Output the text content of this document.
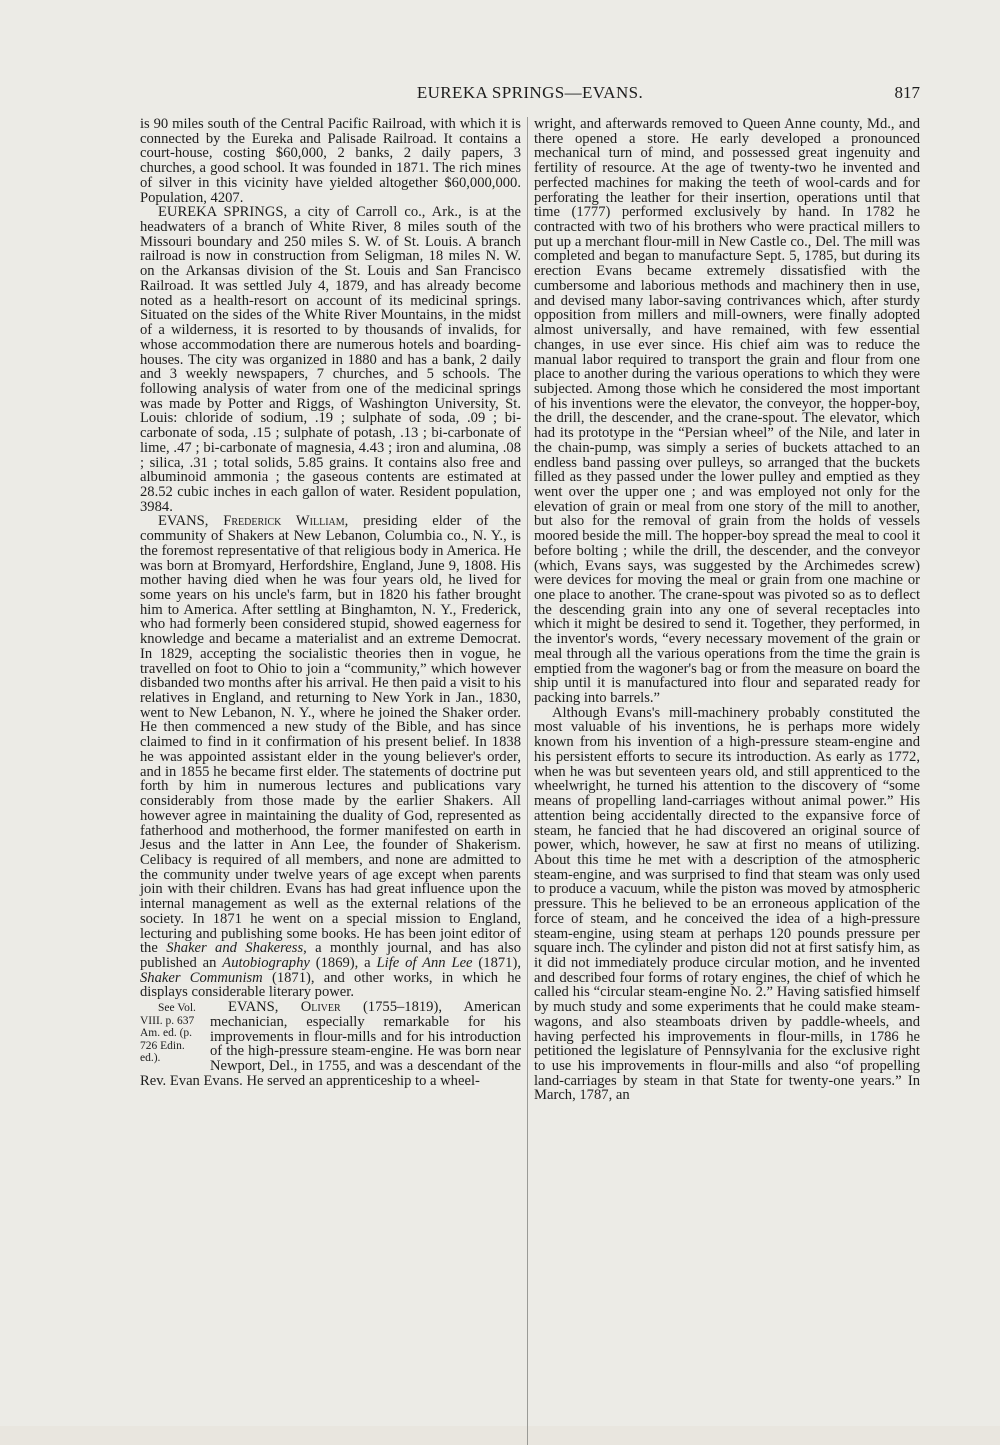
EUREKA SPRINGS—EVANS.	817

is 90 miles south of the Central Pacific Railroad, with which it is connected by the Eureka and Palisade Railroad. It contains a court-house, costing $60,000, 2 banks, 2 daily papers, 3 churches, a good school. It was founded in 1871. The rich mines of silver in this vicinity have yielded altogether $60,000,000. Population, 4207.

EUREKA SPRINGS, a city of Carroll co., Ark., is at the headwaters of a branch of White River, 8 miles south of the Missouri boundary and 250 miles S. W. of St. Louis. A branch railroad is now in construction from Seligman, 18 miles N. W. on the Arkansas division of the St. Louis and San Francisco Railroad. It was settled July 4, 1879, and has already become noted as a health-resort on account of its medicinal springs. Situated on the sides of the White River Mountains, in the midst of a wilderness, it is resorted to by thousands of invalids, for whose accommodation there are numerous hotels and boarding-houses. The city was organized in 1880 and has a bank, 2 daily and 3 weekly newspapers, 7 churches, and 5 schools. The following analysis of water from one of the medicinal springs was made by Potter and Riggs, of Washington University, St. Louis: chloride of sodium, .19 ; sulphate of soda, .09 ; bi-carbonate of soda, .15 ; sulphate of potash, .13 ; bi-carbonate of lime, .47 ; bi-carbonate of magnesia, 4.43 ; iron and alumina, .08 ; silica, .31 ; total solids, 5.85 grains. It contains also free and albuminoid ammonia ; the gaseous contents are estimated at 28.52 cubic inches in each gallon of water. Resident population, 3984.

EVANS, Frederick William, presiding elder of the community of Shakers at New Lebanon, Columbia co., N. Y., is the foremost representative of that religious body in America. He was born at Bromyard, Herfordshire, England, June 9, 1808. His mother having died when he was four years old, he lived for some years on his uncle's farm, but in 1820 his father brought him to America. After settling at Binghamton, N. Y., Frederick, who had formerly been considered stupid, showed eagerness for knowledge and became a materialist and an extreme Democrat. In 1829, accepting the socialistic theories then in vogue, he travelled on foot to Ohio to join a “community,” which however disbanded two months after his arrival. He then paid a visit to his relatives in England, and returning to New York in Jan., 1830, went to New Lebanon, N. Y., where he joined the Shaker order. He then commenced a new study of the Bible, and has since claimed to find in it confirmation of his present belief. In 1838 he was appointed assistant elder in the young believer's order, and in 1855 he became first elder. The statements of doctrine put forth by him in numerous lectures and publications vary considerably from those made by the earlier Shakers. All however agree in maintaining the duality of God, represented as fatherhood and motherhood, the former manifested on earth in Jesus and the latter in Ann Lee, the founder of Shakerism. Celibacy is required of all members, and none are admitted to the community under twelve years of age except when parents join with their children. Evans has had great influence upon the internal management as well as the external relations of the society. In 1871 he went on a special mission to England, lecturing and publishing some books. He has been joint editor of the Shaker and Shakeress, a monthly journal, and has also published an Autobiography (1869), a Life of Ann Lee (1871), Shaker Communism (1871), and other works, in which he displays considerable literary power.

EVANS, Oliver
See Vol. VIII. p. 637 Am. ed. (p. 726 Edin. ed.).
(1755–1819), American mechanician, especially remarkable for his improvements in flour-mills and for his introduction of the high-pressure steam-engine. He was born near Newport, Del., in 1755, and was a descendant of the Rev. Evan Evans. He served an apprenticeship to a wheel-

wright, and afterwards removed to Queen Anne county, Md., and there opened a store. He early developed a pronounced mechanical turn of mind, and possessed great ingenuity and fertility of resource. At the age of twenty-two he invented and perfected machines for making the teeth of wool-cards and for perforating the leather for their insertion, operations until that time (1777) performed exclusively by hand. In 1782 he contracted with two of his brothers who were practical millers to put up a merchant flour-mill in New Castle co., Del. The mill was completed and began to manufacture Sept. 5, 1785, but during its erection Evans became extremely dissatisfied with the cumbersome and laborious methods and machinery then in use, and devised many labor-saving contrivances which, after sturdy opposition from millers and mill-owners, were finally adopted almost universally, and have remained, with few essential changes, in use ever since. His chief aim was to reduce the manual labor required to transport the grain and flour from one place to another during the various operations to which they were subjected. Among those which he considered the most important of his inventions were the elevator, the conveyor, the hopper-boy, the drill, the descender, and the crane-spout. The elevator, which had its prototype in the “Persian wheel” of the Nile, and later in the chain-pump, was simply a series of buckets attached to an endless band passing over pulleys, so arranged that the buckets filled as they passed under the lower pulley and emptied as they went over the upper one ; and was employed not only for the elevation of grain or meal from one story of the mill to another, but also for the removal of grain from the holds of vessels moored beside the mill. The hopper-boy spread the meal to cool it before bolting ; while the drill, the descender, and the conveyor (which, Evans says, was suggested by the Archimedes screw) were devices for moving the meal or grain from one machine or one place to another. The crane-spout was pivoted so as to deflect the descending grain into any one of several receptacles into which it might be desired to send it. Together, they performed, in the inventor's words, “every necessary movement of the grain or meal through all the various operations from the time the grain is emptied from the wagoner's bag or from the measure on board the ship until it is manufactured into flour and separated ready for packing into barrels.”

Although Evans's mill-machinery probably constituted the most valuable of his inventions, he is perhaps more widely known from his invention of a high-pressure steam-engine and his persistent efforts to secure its introduction. As early as 1772, when he was but seventeen years old, and still apprenticed to the wheelwright, he turned his attention to the discovery of “some means of propelling land-carriages without animal power.” His attention being accidentally directed to the expansive force of steam, he fancied that he had discovered an original source of power, which, however, he saw at first no means of utilizing. About this time he met with a description of the atmospheric steam-engine, and was surprised to find that steam was only used to produce a vacuum, while the piston was moved by atmospheric pressure. This he believed to be an erroneous application of the force of steam, and he conceived the idea of a high-pressure steam-engine, using steam at perhaps 120 pounds pressure per square inch. The cylinder and piston did not at first satisfy him, as it did not immediately produce circular motion, and he invented and described four forms of rotary engines, the chief of which he called his “circular steam-engine No. 2.” Having satisfied himself by much study and some experiments that he could make steam-wagons, and also steamboats driven by paddle-wheels, and having perfected his improvements in flour-mills, in 1786 he petitioned the legislature of Pennsylvania for the exclusive right to use his improvements in flour-mills and also “of propelling land-carriages by steam in that State for twenty-one years.” In March, 1787, an
